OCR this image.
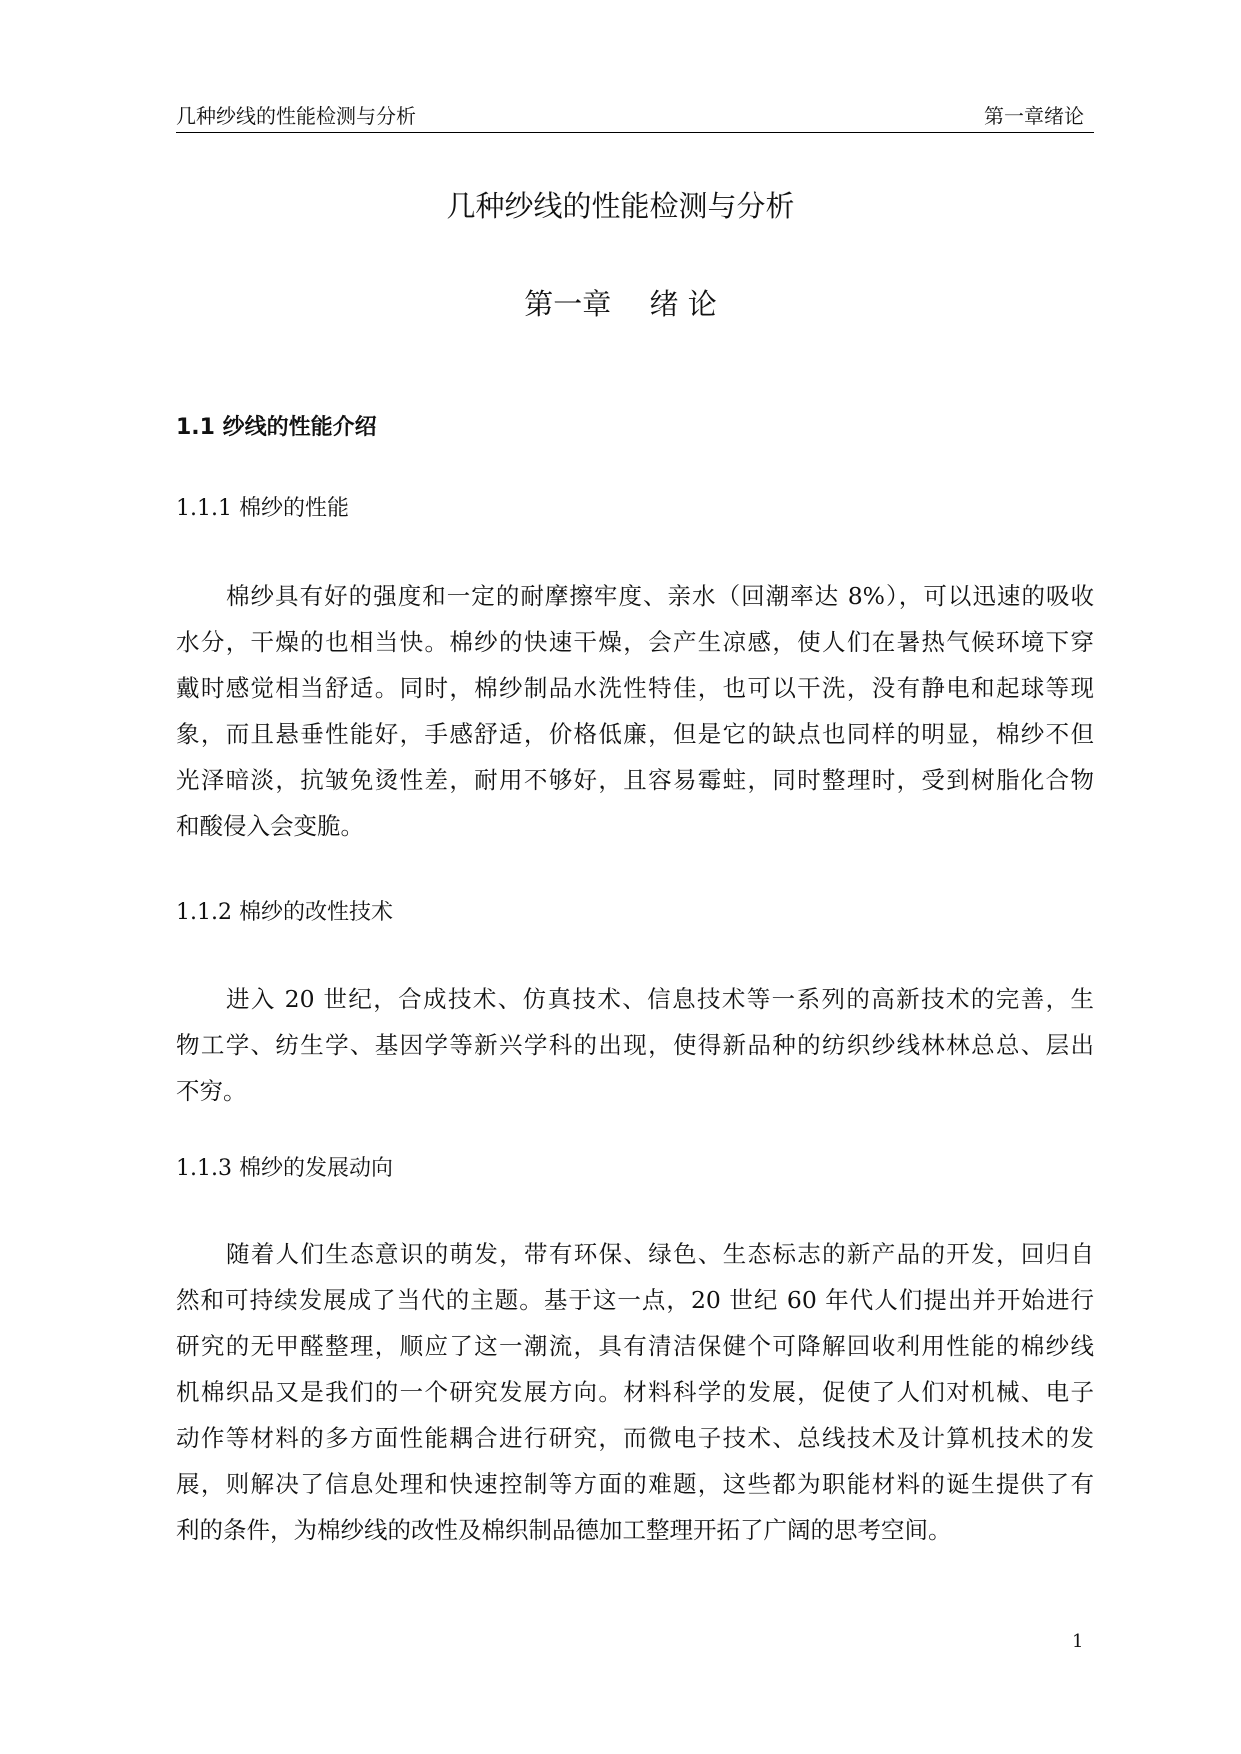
几种纱线的性能检测与分析	第一章绪论
几种纱线的性能检测与分析
第一章　 绪 论
1.1 纱线的性能介绍
1.1.1 棉纱的性能
棉纱具有好的强度和一定的耐摩擦牢度、亲水（回潮率达 8%），可以迅速的吸收
水分，干燥的也相当快。棉纱的快速干燥，会产生凉感，使人们在暑热气候环境下穿
戴时感觉相当舒适。同时，棉纱制品水洗性特佳，也可以干洗，没有静电和起球等现
象，而且悬垂性能好，手感舒适，价格低廉，但是它的缺点也同样的明显，棉纱不但
光泽暗淡，抗皱免烫性差，耐用不够好，且容易霉蛀，同时整理时，受到树脂化合物
和酸侵入会变脆。
1.1.2 棉纱的改性技术
进入 20 世纪，合成技术、仿真技术、信息技术等一系列的高新技术的完善，生
物工学、纺生学、基因学等新兴学科的出现，使得新品种的纺织纱线林林总总、层出
不穷。
1.1.3 棉纱的发展动向
随着人们生态意识的萌发，带有环保、绿色、生态标志的新产品的开发，回归自
然和可持续发展成了当代的主题。基于这一点，20 世纪 60 年代人们提出并开始进行
研究的无甲醛整理，顺应了这一潮流，具有清洁保健个可降解回收利用性能的棉纱线
机棉织品又是我们的一个研究发展方向。材料科学的发展，促使了人们对机械、电子
动作等材料的多方面性能耦合进行研究，而微电子技术、总线技术及计算机技术的发
展，则解决了信息处理和快速控制等方面的难题，这些都为职能材料的诞生提供了有
利的条件，为棉纱线的改性及棉织制品德加工整理开拓了广阔的思考空间。
1
